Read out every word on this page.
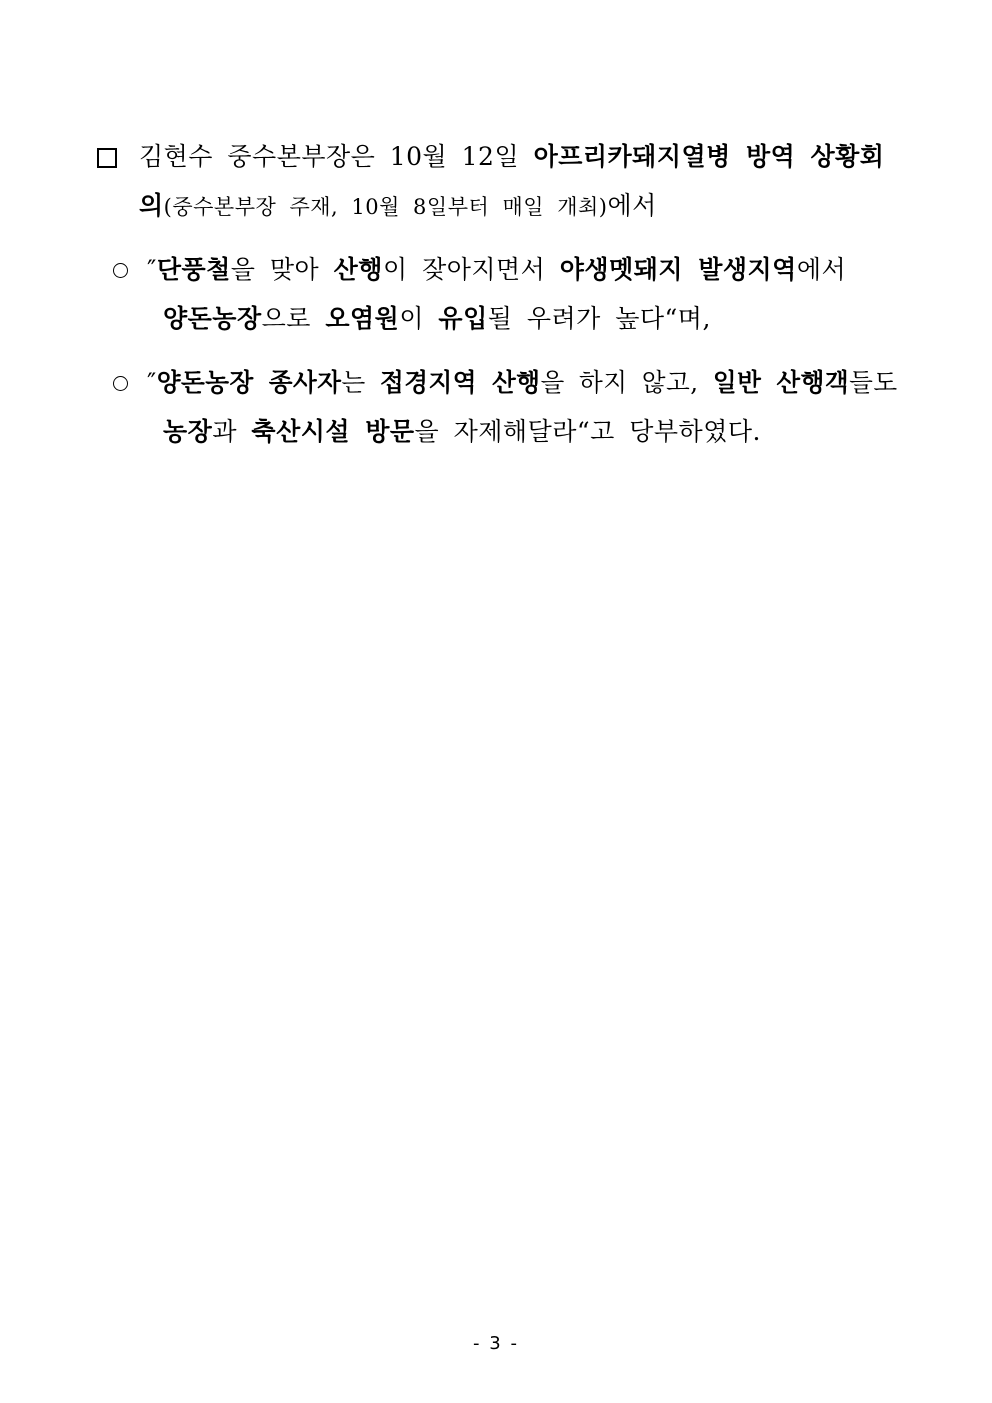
김현수 중수본부장은 10월 12일 아프리카돼지열병 방역 상황회
의(중수본부장 주재, 10월 8일부터 매일 개최)에서
″단풍철을 맞아 산행이 잦아지면서 야생멧돼지 발생지역에서
양돈농장으로 오염원이 유입될 우려가 높다“며,
″양돈농장 종사자는 접경지역 산행을 하지 않고, 일반 산행객들도
농장과 축산시설 방문을 자제해달라“고 당부하였다.
- 3 -
